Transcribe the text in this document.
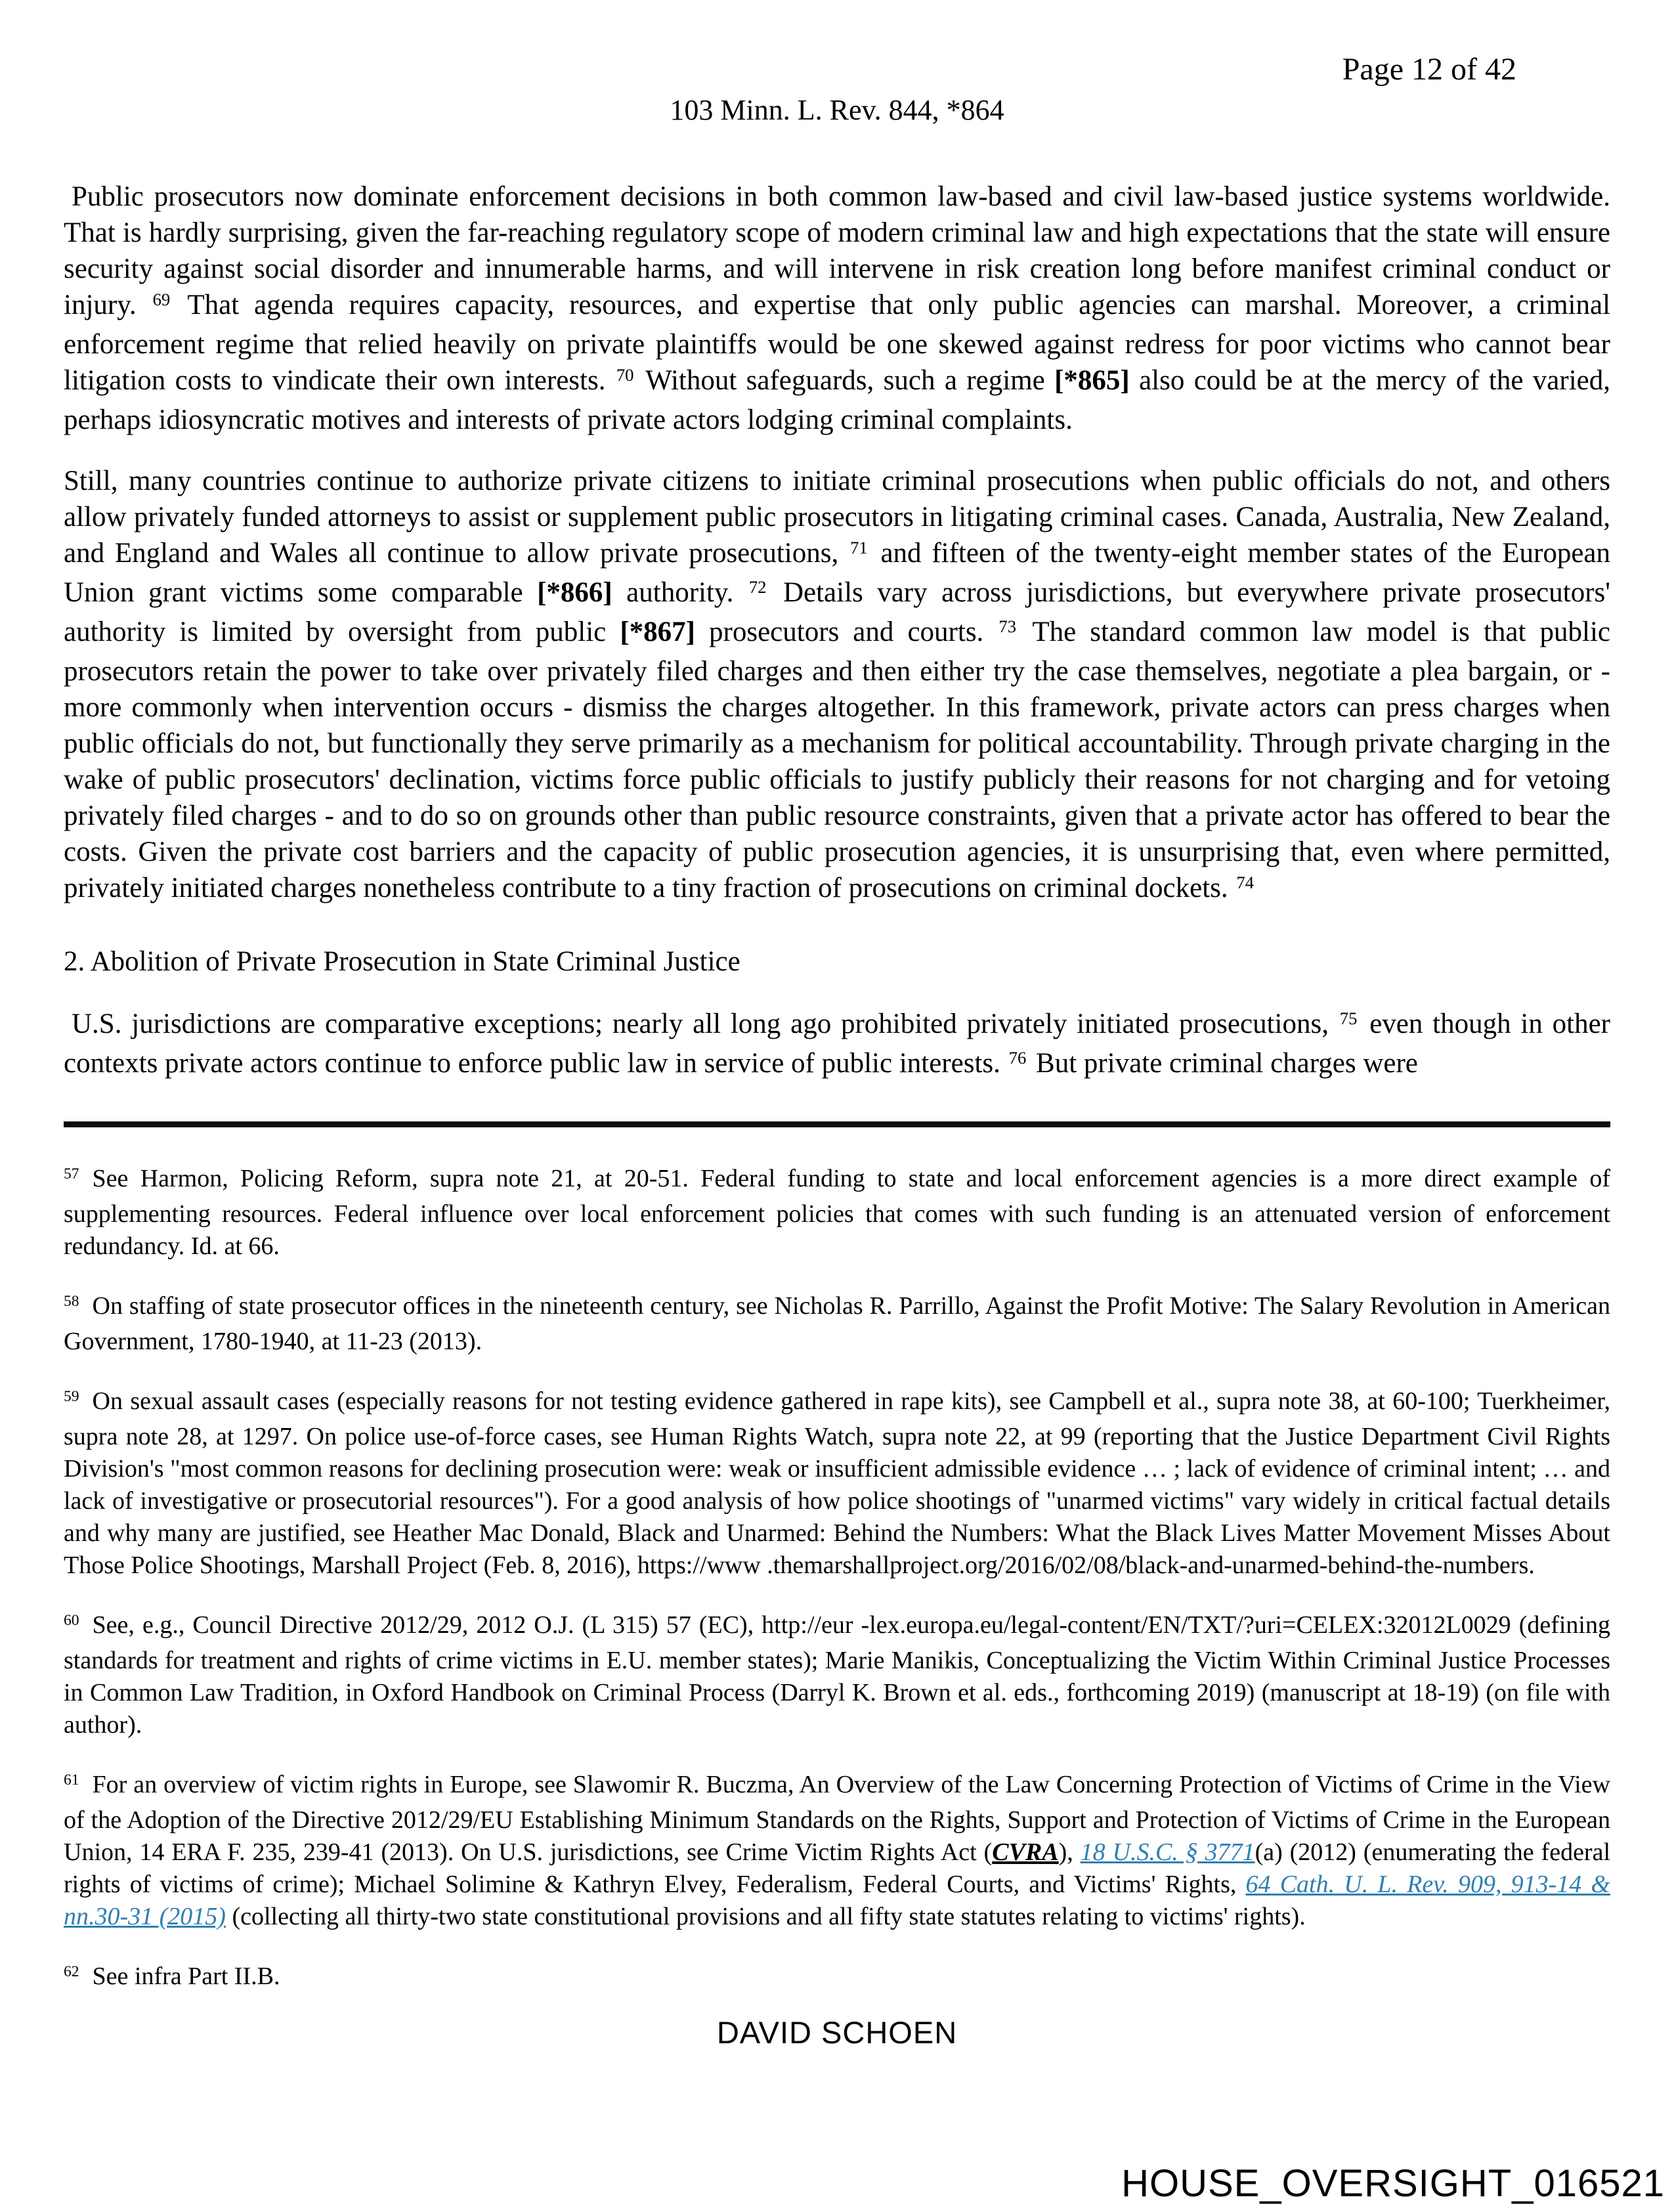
Page 12 of 42
103 Minn. L. Rev. 844, *864
Public prosecutors now dominate enforcement decisions in both common law-based and civil law-based justice systems worldwide. That is hardly surprising, given the far-reaching regulatory scope of modern criminal law and high expectations that the state will ensure security against social disorder and innumerable harms, and will intervene in risk creation long before manifest criminal conduct or injury. $^{69}$ That agenda requires capacity, resources, and expertise that only public agencies can marshal. Moreover, a criminal enforcement regime that relied heavily on private plaintiffs would be one skewed against redress for poor victims who cannot bear litigation costs to vindicate their own interests. $^{70}$ Without safeguards, such a regime [*865] also could be at the mercy of the varied, perhaps idiosyncratic motives and interests of private actors lodging criminal complaints.
Still, many countries continue to authorize private citizens to initiate criminal prosecutions when public officials do not, and others allow privately funded attorneys to assist or supplement public prosecutors in litigating criminal cases. Canada, Australia, New Zealand, and England and Wales all continue to allow private prosecutions, $^{71}$ and fifteen of the twenty-eight member states of the European Union grant victims some comparable [*866] authority. $^{72}$ Details vary across jurisdictions, but everywhere private prosecutors' authority is limited by oversight from public [*867] prosecutors and courts. $^{73}$ The standard common law model is that public prosecutors retain the power to take over privately filed charges and then either try the case themselves, negotiate a plea bargain, or - more commonly when intervention occurs - dismiss the charges altogether. In this framework, private actors can press charges when public officials do not, but functionally they serve primarily as a mechanism for political accountability. Through private charging in the wake of public prosecutors' declination, victims force public officials to justify publicly their reasons for not charging and for vetoing privately filed charges - and to do so on grounds other than public resource constraints, given that a private actor has offered to bear the costs. Given the private cost barriers and the capacity of public prosecution agencies, it is unsurprising that, even where permitted, privately initiated charges nonetheless contribute to a tiny fraction of prosecutions on criminal dockets. $^{74}$
2. Abolition of Private Prosecution in State Criminal Justice
U.S. jurisdictions are comparative exceptions; nearly all long ago prohibited privately initiated prosecutions, $^{75}$ even though in other contexts private actors continue to enforce public law in service of public interests. $^{76}$ But private criminal charges were
$^{57}$ See Harmon, Policing Reform, supra note 21, at 20-51. Federal funding to state and local enforcement agencies is a more direct example of supplementing resources. Federal influence over local enforcement policies that comes with such funding is an attenuated version of enforcement redundancy. Id. at 66.
$^{58}$ On staffing of state prosecutor offices in the nineteenth century, see Nicholas R. Parrillo, Against the Profit Motive: The Salary Revolution in American Government, 1780-1940, at 11-23 (2013).
$^{59}$ On sexual assault cases (especially reasons for not testing evidence gathered in rape kits), see Campbell et al., supra note 38, at 60-100; Tuerkheimer, supra note 28, at 1297. On police use-of-force cases, see Human Rights Watch, supra note 22, at 99 (reporting that the Justice Department Civil Rights Division's "most common reasons for declining prosecution were: weak or insufficient admissible evidence … ; lack of evidence of criminal intent; … and lack of investigative or prosecutorial resources"). For a good analysis of how police shootings of "unarmed victims" vary widely in critical factual details and why many are justified, see Heather Mac Donald, Black and Unarmed: Behind the Numbers: What the Black Lives Matter Movement Misses About Those Police Shootings, Marshall Project (Feb. 8, 2016), https://www .themarshallproject.org/2016/02/08/black-and-unarmed-behind-the-numbers.
$^{60}$ See, e.g., Council Directive 2012/29, 2012 O.J. (L 315) 57 (EC), http://eur -lex.europa.eu/legal-content/EN/TXT/?uri=CELEX:32012L0029 (defining standards for treatment and rights of crime victims in E.U. member states); Marie Manikis, Conceptualizing the Victim Within Criminal Justice Processes in Common Law Tradition, in Oxford Handbook on Criminal Process (Darryl K. Brown et al. eds., forthcoming 2019) (manuscript at 18-19) (on file with author).
$^{61}$ For an overview of victim rights in Europe, see Slawomir R. Buczma, An Overview of the Law Concerning Protection of Victims of Crime in the View of the Adoption of the Directive 2012/29/EU Establishing Minimum Standards on the Rights, Support and Protection of Victims of Crime in the European Union, 14 ERA F. 235, 239-41 (2013). On U.S. jurisdictions, see Crime Victim Rights Act (CVRA), 18 U.S.C. § 3771(a) (2012) (enumerating the federal rights of victims of crime); Michael Solimine & Kathryn Elvey, Federalism, Federal Courts, and Victims' Rights, 64 Cath. U. L. Rev. 909, 913-14 & nn.30-31 (2015) (collecting all thirty-two state constitutional provisions and all fifty state statutes relating to victims' rights).
$^{62}$ See infra Part II.B.
DAVID SCHOEN
HOUSE_OVERSIGHT_016521
